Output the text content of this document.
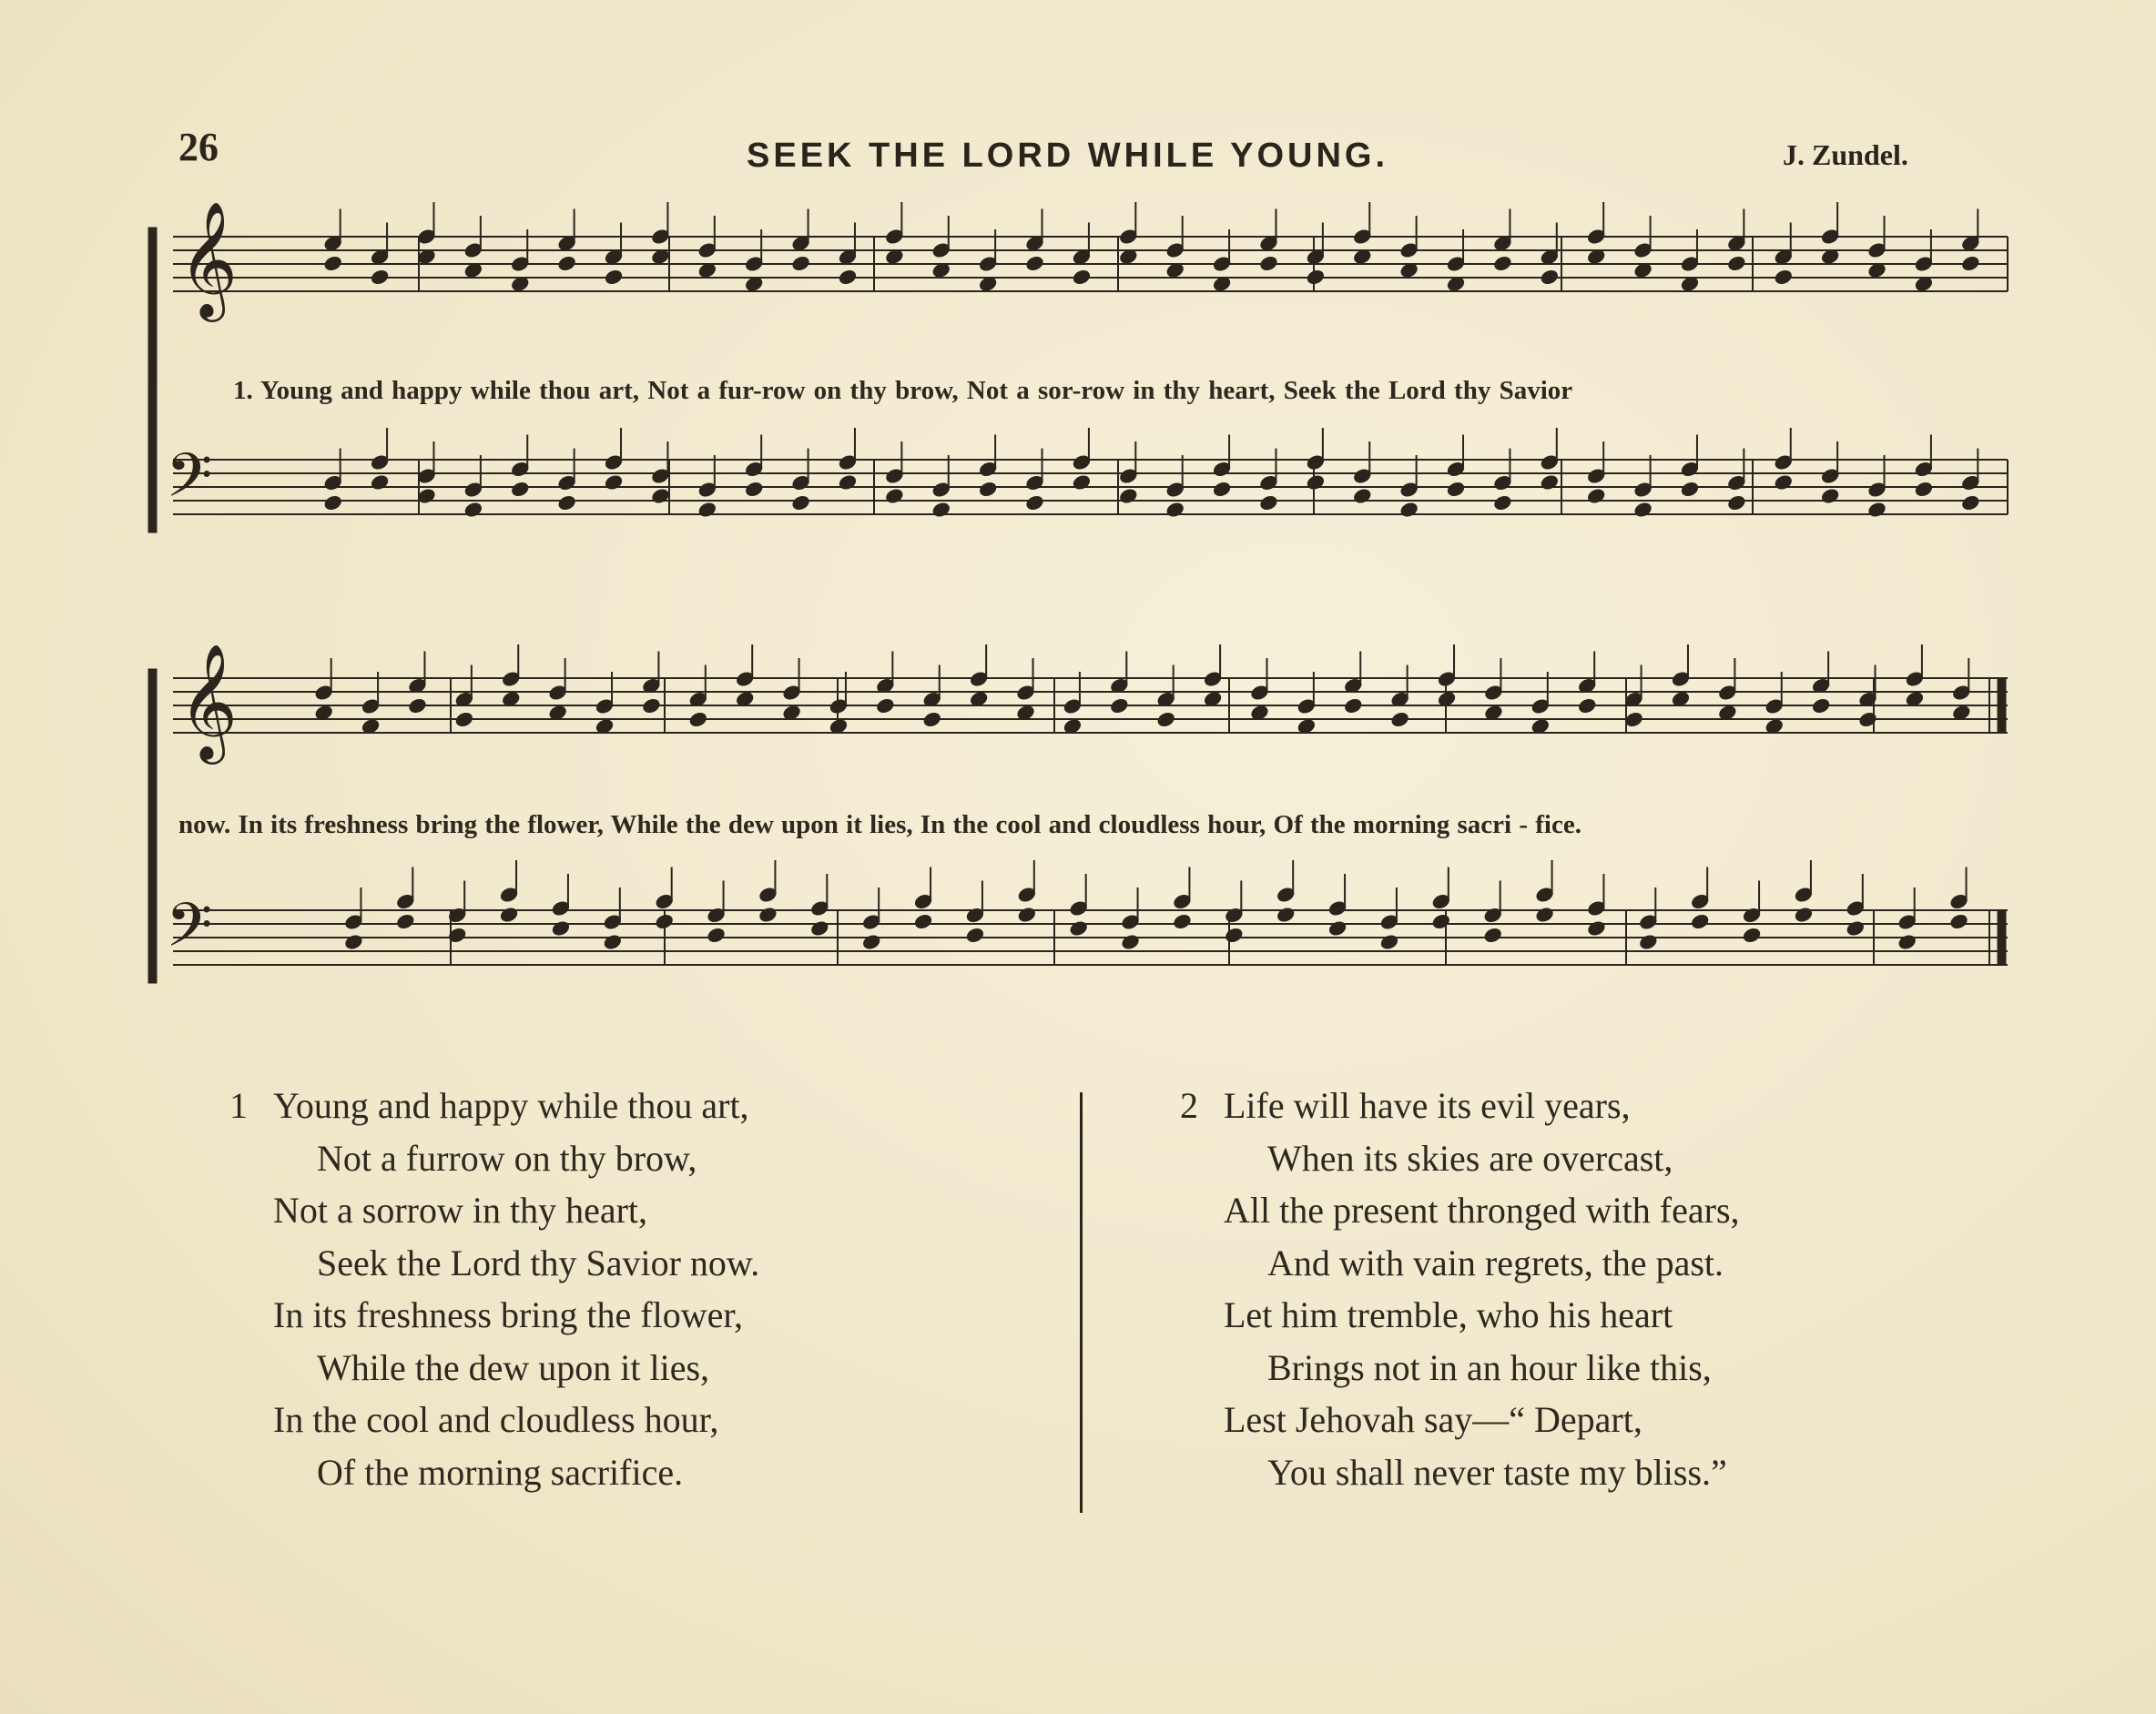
26	SEEK THE LORD WHILE YOUNG.	J. Zundel.
𝄞
𝄢
𝄞
𝄢
1. Young and happy while thou art, Not a fur-row on thy brow, Not a sor-row in thy heart, Seek the Lord thy Savior
now. In its freshness bring the flower, While the dew upon it lies, In the cool and cloudless hour, Of the morning sacri - fice.
1 Young and happy while thou art,
Not a furrow on thy brow,
Not a sorrow in thy heart,
Seek the Lord thy Savior now.
In its freshness bring the flower,
While the dew upon it lies,
In the cool and cloudless hour,
Of the morning sacrifice.
2 Life will have its evil years,
When its skies are overcast,
All the present thronged with fears,
And with vain regrets, the past.
Let him tremble, who his heart
Brings not in an hour like this,
Lest Jehovah say—“ Depart,
You shall never taste my bliss.”
